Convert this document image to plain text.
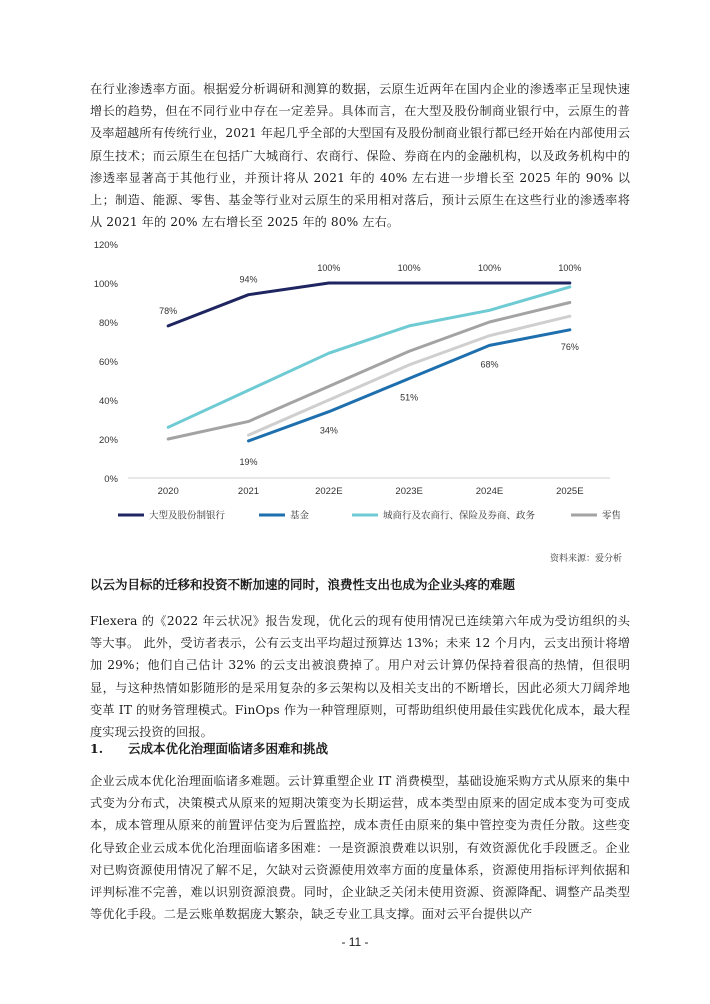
在行业渗透率方面。根据爱分析调研和测算的数据，云原生近两年在国内企业的渗透率正呈现快速增长的趋势，但在不同行业中存在一定差异。具体而言，在大型及股份制商业银行中，云原生的普及率超越所有传统行业，2021 年起几乎全部的大型国有及股份制商业银行都已经开始在内部使用云原生技术；而云原生在包括广大城商行、农商行、保险、券商在内的金融机构，以及政务机构中的渗透率显著高于其他行业，并预计将从 2021 年的 40% 左右进一步增长至 2025 年的 90% 以上；制造、能源、零售、基金等行业对云原生的采用相对落后，预计云原生在这些行业的渗透率将从 2021 年的 20% 左右增长至 2025 年的 80% 左右。

0%
20%
40%
60%
80%
100%
120%
2020	2021	2022E	2023E	2024E	2025E
78%
94%
100%	100%	100%	100%
19%
34%
51%
68%
76%
大型及股份制银行	基金	城商行及农商行、保险及券商、政务	零售
资料来源：爱分析

以云为目标的迁移和投资不断加速的同时，浪费性支出也成为企业头疼的难题

Flexera 的《2022 年云状况》报告发现，优化云的现有使用情况已连续第六年成为受访组织的头等大事。 此外，受访者表示，公有云支出平均超过预算达 13%；未来 12 个月内，云支出预计将增加 29%；他们自己估计 32% 的云支出被浪费掉了。用户对云计算仍保持着很高的热情，但很明显，与这种热情如影随形的是采用复杂的多云架构以及相关支出的不断增长，因此必须大刀阔斧地变革 IT 的财务管理模式。FinOps 作为一种管理原则，可帮助组织使用最佳实践优化成本，最大程度实现云投资的回报。

1. 云成本优化治理面临诸多困难和挑战

企业云成本优化治理面临诸多难题。云计算重塑企业 IT 消费模型，基础设施采购方式从原来的集中式变为分布式，决策模式从原来的短期决策变为长期运营，成本类型由原来的固定成本变为可变成本，成本管理从原来的前置评估变为后置监控，成本责任由原来的集中管控变为责任分散。这些变化导致企业云成本优化治理面临诸多困难：一是资源浪费难以识别，有效资源优化手段匮乏。企业对已购资源使用情况了解不足，欠缺对云资源使用效率方面的度量体系，资源使用指标评判依据和评判标准不完善，难以识别资源浪费。同时，企业缺乏关闭未使用资源、资源降配、调整产品类型等优化手段。二是云账单数据庞大繁杂，缺乏专业工具支撑。面对云平台提供以产

- 11 -
